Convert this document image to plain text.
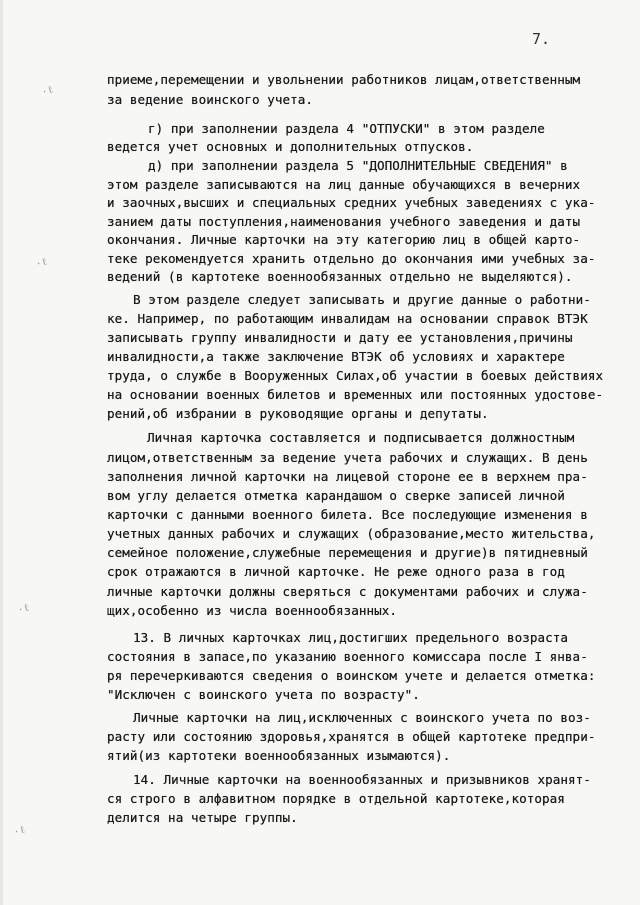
7.
·ℓ
·ℓ
·ℓ
·ℓ
приеме,перемещении и увольнении работников лицам,ответственным
за ведение воинского учета.
г) при заполнении раздела 4 "ОТПУСКИ" в этом разделе
ведется учет основных и дополнительных отпусков.
д) при заполнении раздела 5 "ДОПОЛНИТЕЛЬНЫЕ СВЕДЕНИЯ" в
этом разделе записываются на лиц данные обучающихся в вечерних
и заочных,высших и специальных средних учебных заведениях с ука-
занием даты поступления,наименования учебного заведения и даты
окончания. Личные карточки на эту категорию лиц в общей карто-
теке рекомендуется хранить отдельно до окончания ими учебных за-
ведений (в картотеке военнообязанных отдельно не выделяются).
В этом разделе следует записывать и другие данные о работни-
ке. Например, по работающим инвалидам на основании справок ВТЭК
записывать группу инвалидности и дату ее установления,причины
инвалидности,а также заключение ВТЭК об условиях и характере
труда, о службе в Вооруженных Силах,об участии в боевых действиях
на основании военных билетов и временных или постоянных удостове-
рений,об избрании в руководящие органы и депутаты.
Личная карточка составляется и подписывается должностным
лицом,ответственным за ведение учета рабочих и служащих. В день
заполнения личной карточки на лицевой стороне ее в верхнем пра-
вом углу делается отметка карандашом о сверке записей личной
карточки с данными военного билета. Все последующие изменения в
учетных данных рабочих и служащих (образование,место жительства,
семейное положение,служебные перемещения и другие)в пятидневный
срок отражаются в личной карточке. Не реже одного раза в год
личные карточки должны сверяться с документами рабочих и служа-
щих,особенно из числа военнообязанных.
13. В личных карточках лиц,достигших предельного возраста
состояния в запасе,по указанию военного комиссара после I янва-
ря перечеркиваются сведения о воинском учете и делается отметка:
"Исключен с воинского учета по возрасту".
Личные карточки на лиц,исключенных с воинского учета по воз-
расту или состоянию здоровья,хранятся в общей картотеке предпри-
ятий(из картотеки военнообязанных изымаются).
14. Личные карточки на военнообязанных и призывников хранят-
ся строго в алфавитном порядке в отдельной картотеке,которая
делится на четыре группы.
